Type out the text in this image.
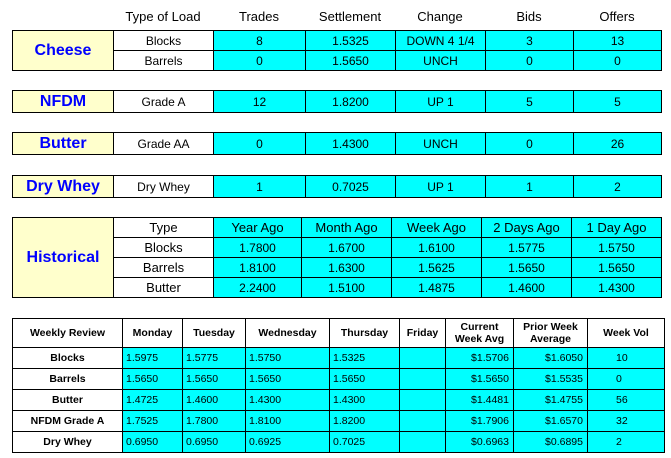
Type of Load	Trades	Settlement	Change	Bids	Offers
Cheese	Blocks	8	1.5325	DOWN 4 1/4	3	13
	Barrels	0	1.5650	UNCH	0	0
NFDM	Grade A	12	1.8200	UP 1	5	5
Butter	Grade AA	0	1.4300	UNCH	0	26
Dry Whey	Dry Whey	1	0.7025	UP 1	1	2
Historical	Type	Year Ago	Month Ago	Week Ago	2 Days Ago	1 Day Ago
	Blocks	1.7800	1.6700	1.6100	1.5775	1.5750
	Barrels	1.8100	1.6300	1.5625	1.5650	1.5650
	Butter	2.2400	1.5100	1.4875	1.4600	1.4300
Weekly Review	Monday	Tuesday	Wednesday	Thursday	Friday	Current Week Avg	Prior Week Average	Week Vol
Blocks	1.5975	1.5775	1.5750	1.5325		$1.5706	$1.6050	10
Barrels	1.5650	1.5650	1.5650	1.5650		$1.5650	$1.5535	0
Butter	1.4725	1.4600	1.4300	1.4300		$1.4481	$1.4755	56
NFDM Grade A	1.7525	1.7800	1.8100	1.8200		$1.7906	$1.6570	32
Dry Whey	0.6950	0.6950	0.6925	0.7025		$0.6963	$0.6895	2
